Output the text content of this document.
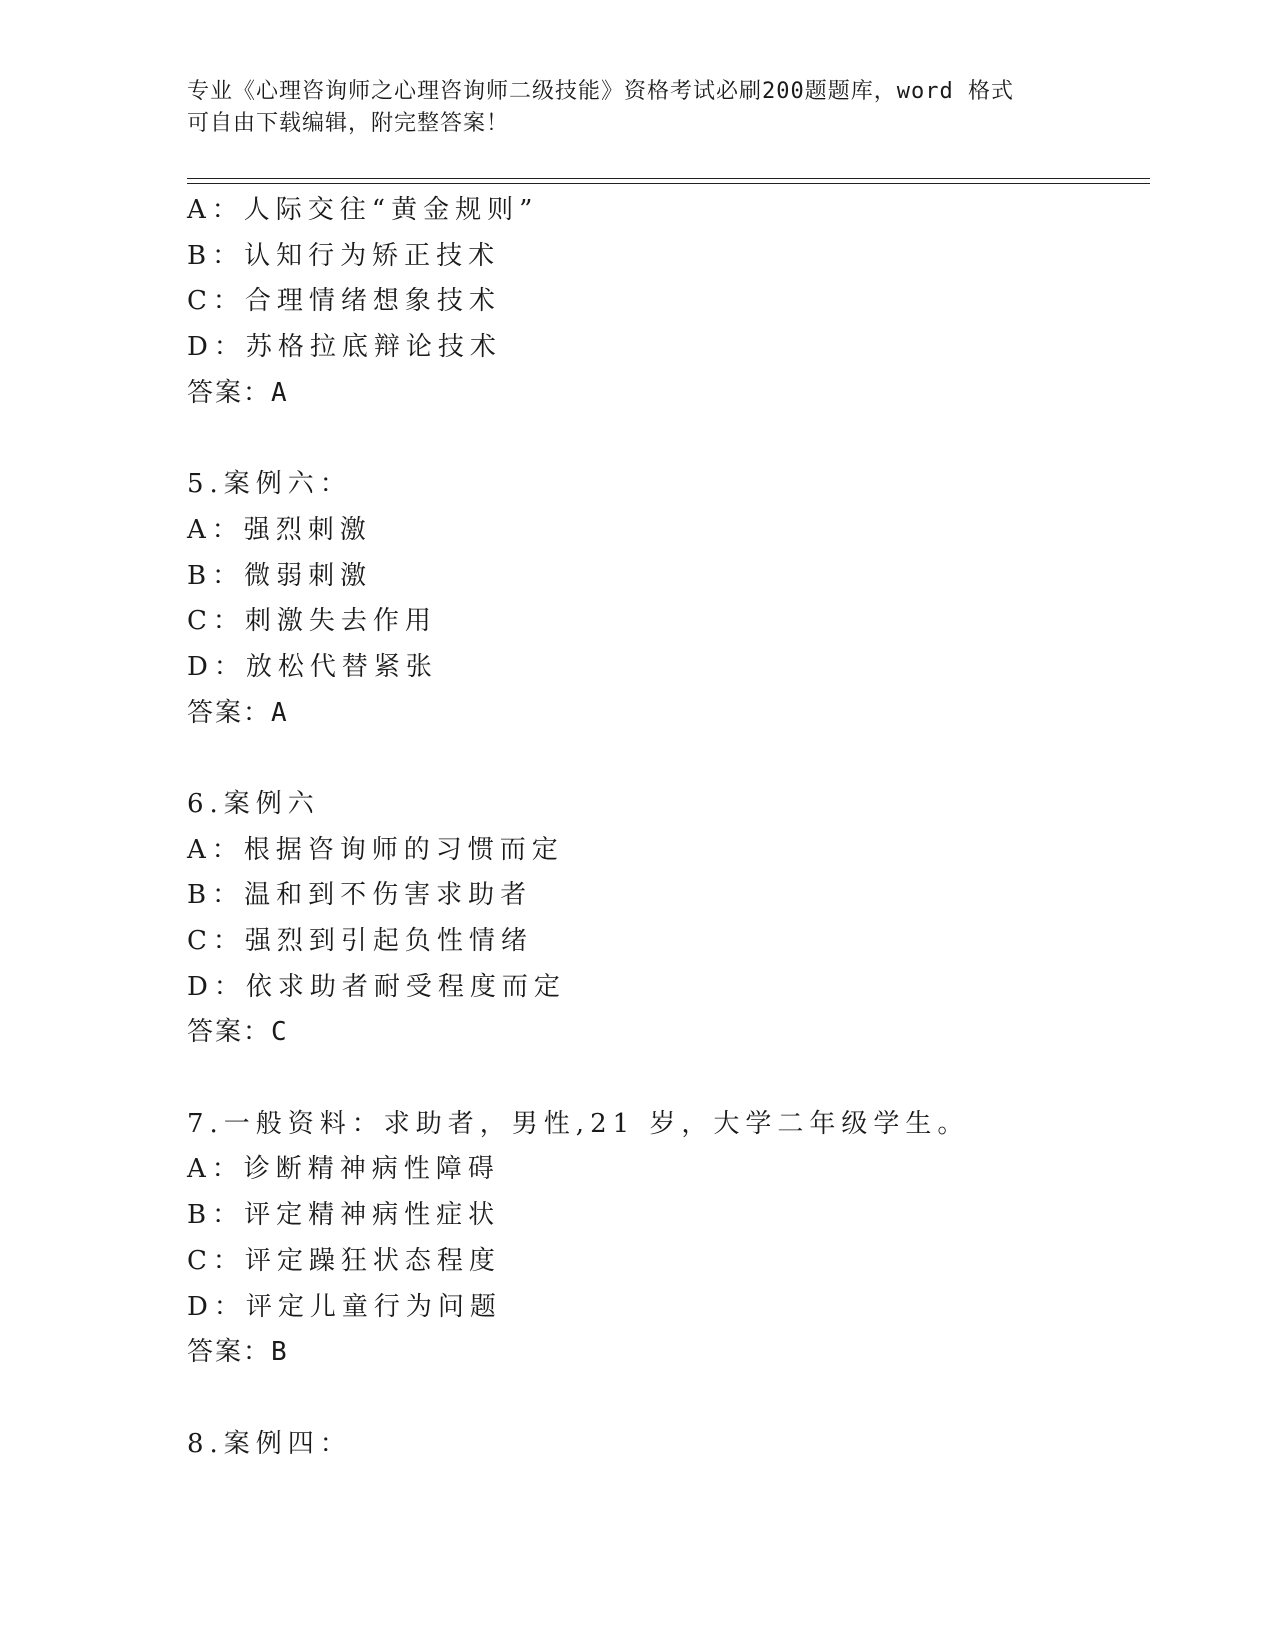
专业《心理咨询师之心理咨询师二级技能》资格考试必刷200题题库，word 格式
可自由下载编辑，附完整答案！
A：人际交往“黄金规则”
B：认知行为矫正技术
C：合理情绪想象技术
D：苏格拉底辩论技术
答案：A
5.案例六：
A：强烈刺激
B：微弱刺激
C：刺激失去作用
D：放松代替紧张
答案：A
6.案例六
A：根据咨询师的习惯而定
B：温和到不伤害求助者
C：强烈到引起负性情绪
D：依求助者耐受程度而定
答案：C
7.一般资料：求助者，男性,21 岁，大学二年级学生。
A：诊断精神病性障碍
B：评定精神病性症状
C：评定躁狂状态程度
D：评定儿童行为问题
答案：B
8.案例四：
